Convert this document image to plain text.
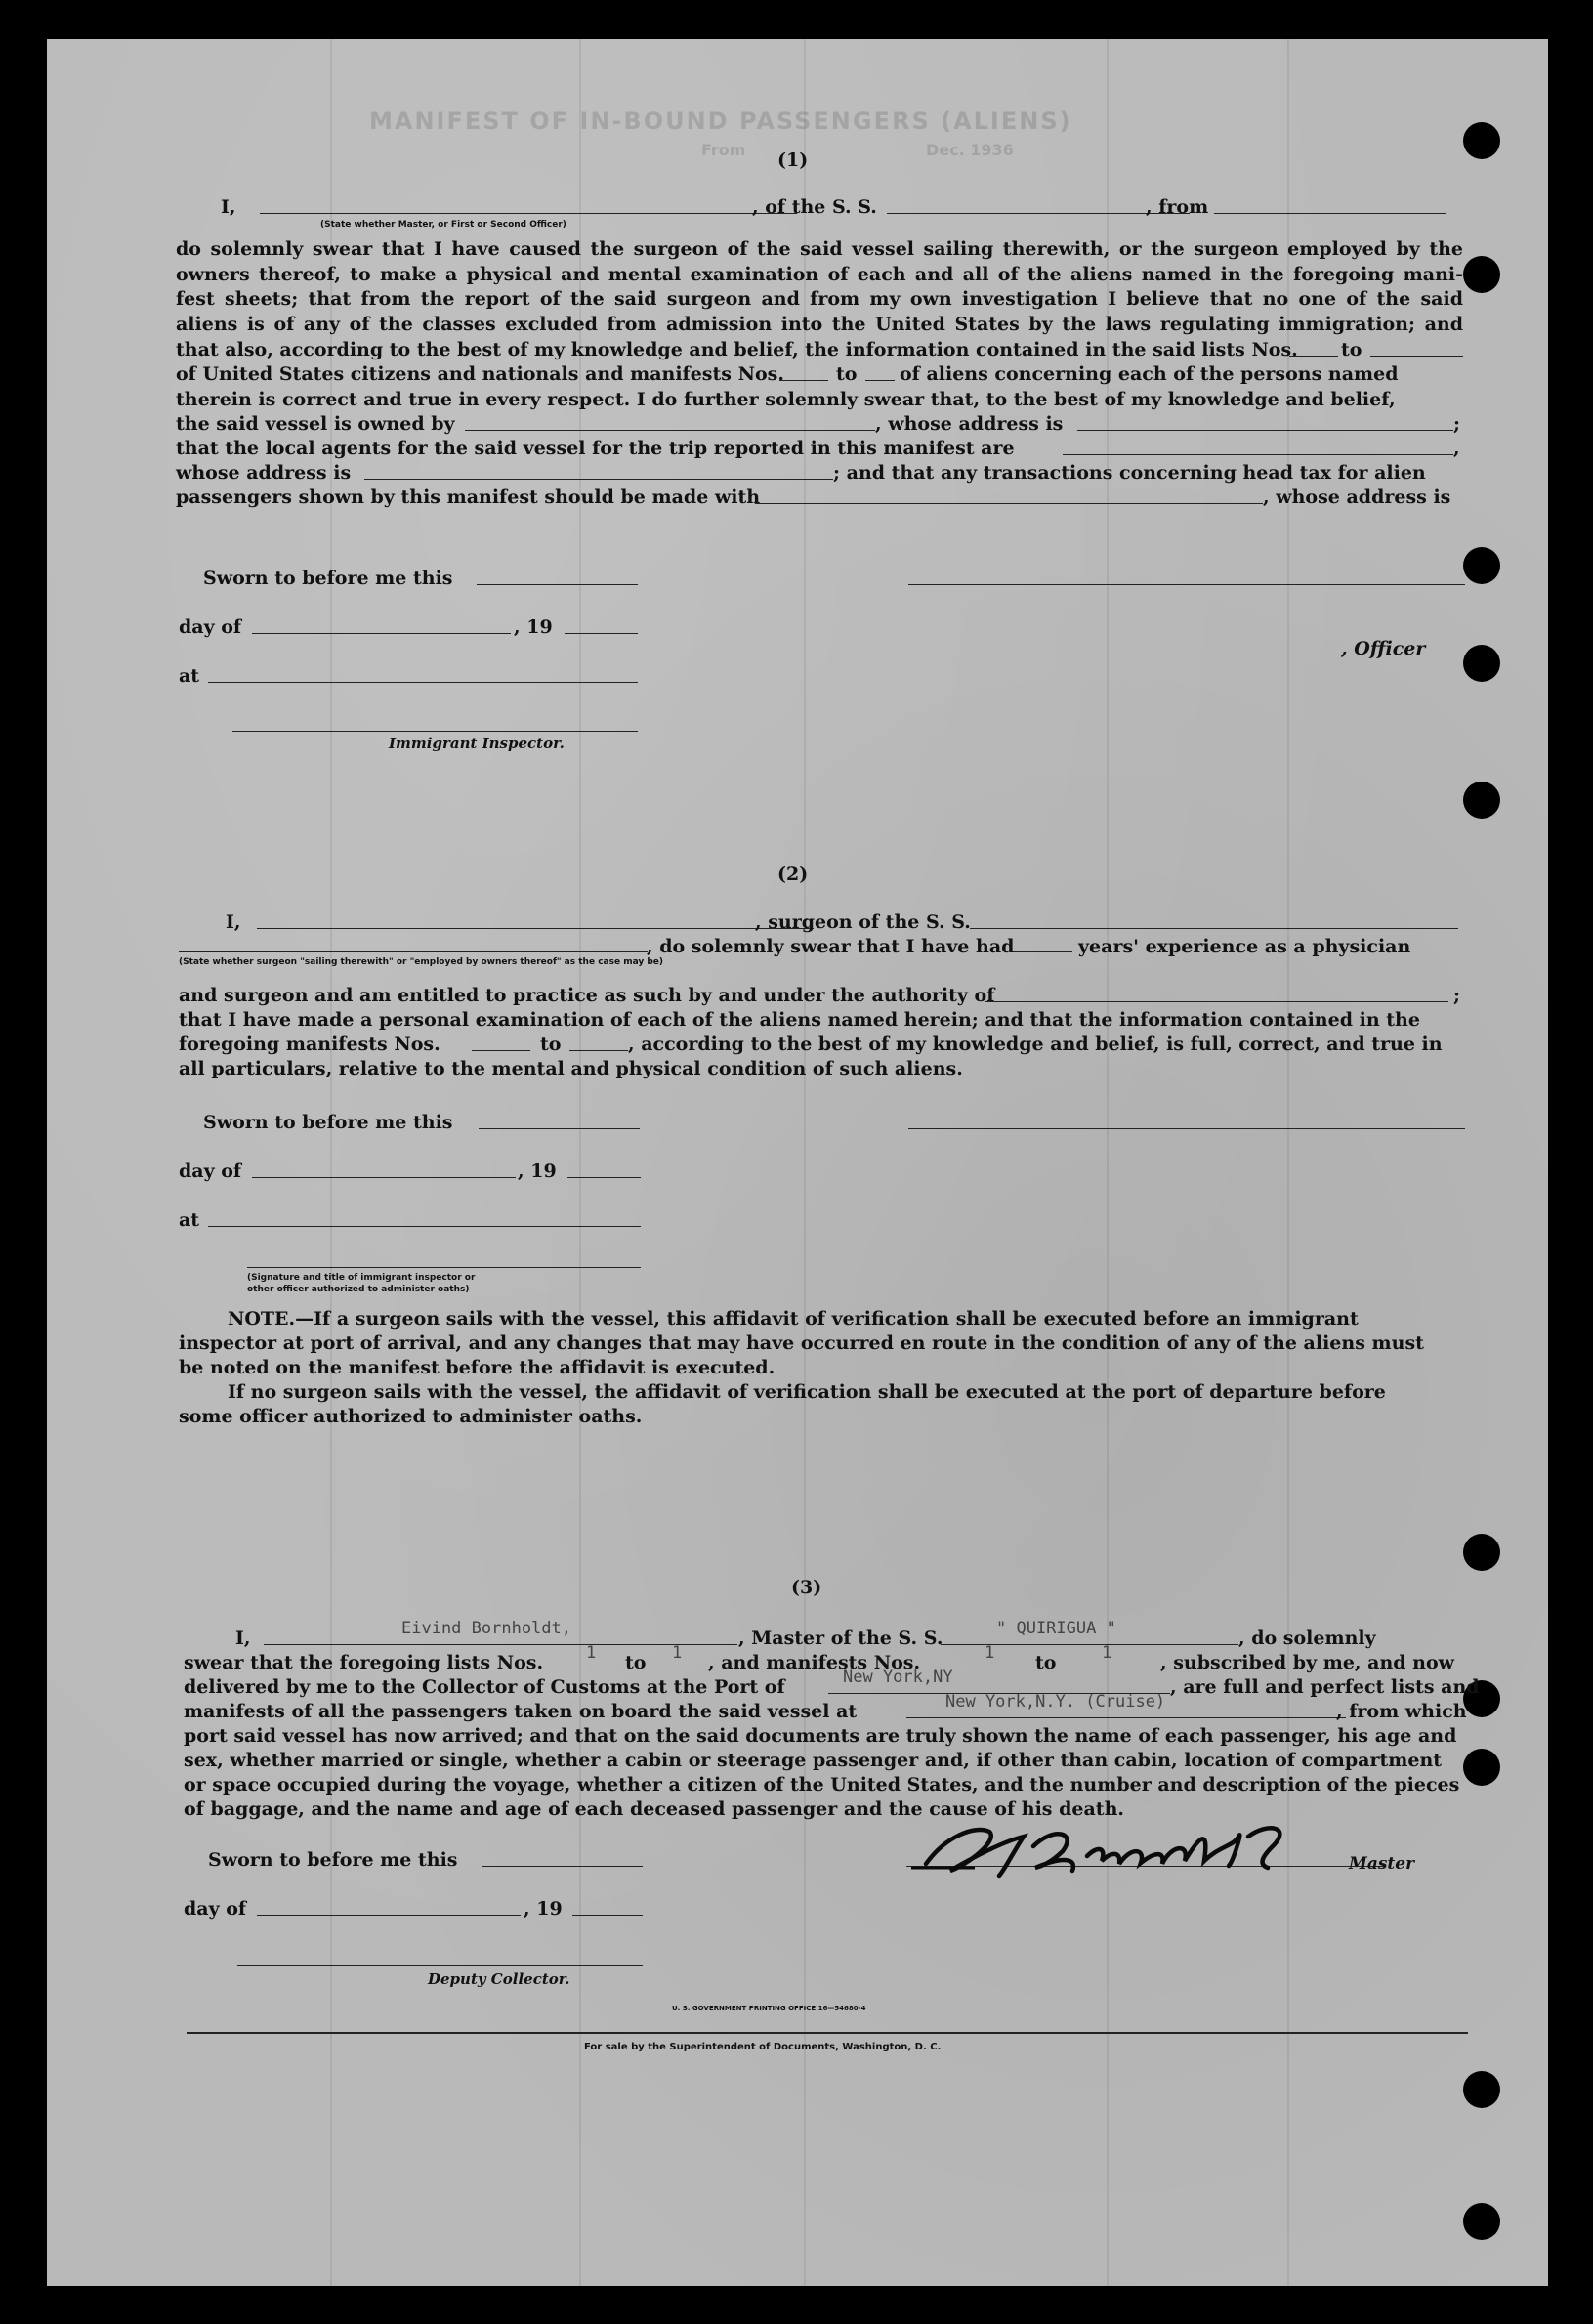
MANIFEST OF IN-BOUND PASSENGERS (ALIENS)
From	Dec. 1936
(1)
I,	, of the S. S.	, from
(State whether Master, or First or Second Officer)
do solemnly swear that I have caused the surgeon of the said vessel sailing therewith, or the surgeon employed by the
owners thereof, to make a physical and mental examination of each and all of the aliens named in the foregoing mani-
fest sheets; that from the report of the said surgeon and from my own investigation I believe that no one of the said
aliens is of any of the classes excluded from admission into the United States by the laws regulating immigration; and
that also, according to the best of my knowledge and belief, the information contained in the said lists Nos. to
of United States citizens and nationals and manifests Nos.	to of aliens concerning each of the persons named
therein is correct and true in every respect. I do further solemnly swear that, to the best of my knowledge and belief,
the said vessel is owned by	, whose address is	;
that the local agents for the said vessel for the trip reported in this manifest are	,
whose address is	; and that any transactions concerning head tax for alien
passengers shown by this manifest should be made with	, whose address is
Sworn to before me this
day of	, 19
, Officer
at
Immigrant Inspector.
(2)
I,	, surgeon of the S. S.
, do solemnly swear that I have had	years' experience as a physician
(State whether surgeon "sailing therewith" or "employed by owners thereof" as the case may be)
and surgeon and am entitled to practice as such by and under the authority of	;
that I have made a personal examination of each of the aliens named herein; and that the information contained in the
foregoing manifests Nos.	to	, according to the best of my knowledge and belief, is full, correct, and true in
all particulars, relative to the mental and physical condition of such aliens.
Sworn to before me this
day of	, 19
at
(Signature and title of immigrant inspector or
other officer authorized to administer oaths)
NOTE.—If a surgeon sails with the vessel, this affidavit of verification shall be executed before an immigrant
inspector at port of arrival, and any changes that may have occurred en route in the condition of any of the aliens must
be noted on the manifest before the affidavit is executed.
If no surgeon sails with the vessel, the affidavit of verification shall be executed at the port of departure before
some officer authorized to administer oaths.
(3)
I,	Eivind Bornholdt,	, Master of the S. S.	" QUIRIGUA "	, do solemnly
swear that the foregoing lists Nos.	1 to 1 , and manifests Nos.	1 to	1	, subscribed by me, and now
delivered by me to the Collector of Customs at the Port of	New York,NY	, are full and perfect lists and
manifests of all the passengers taken on board the said vessel at	New York,N.Y. (Cruise)	, from which
port said vessel has now arrived; and that on the said documents are truly shown the name of each passenger, his age and
sex, whether married or single, whether a cabin or steerage passenger and, if other than cabin, location of compartment
or space occupied during the voyage, whether a citizen of the United States, and the number and description of the pieces
of baggage, and the name and age of each deceased passenger and the cause of his death.
Sworn to before me this	Master
day of	, 19
Deputy Collector.
U. S. GOVERNMENT PRINTING OFFICE 16—54680-4
For sale by the Superintendent of Documents, Washington, D. C.
